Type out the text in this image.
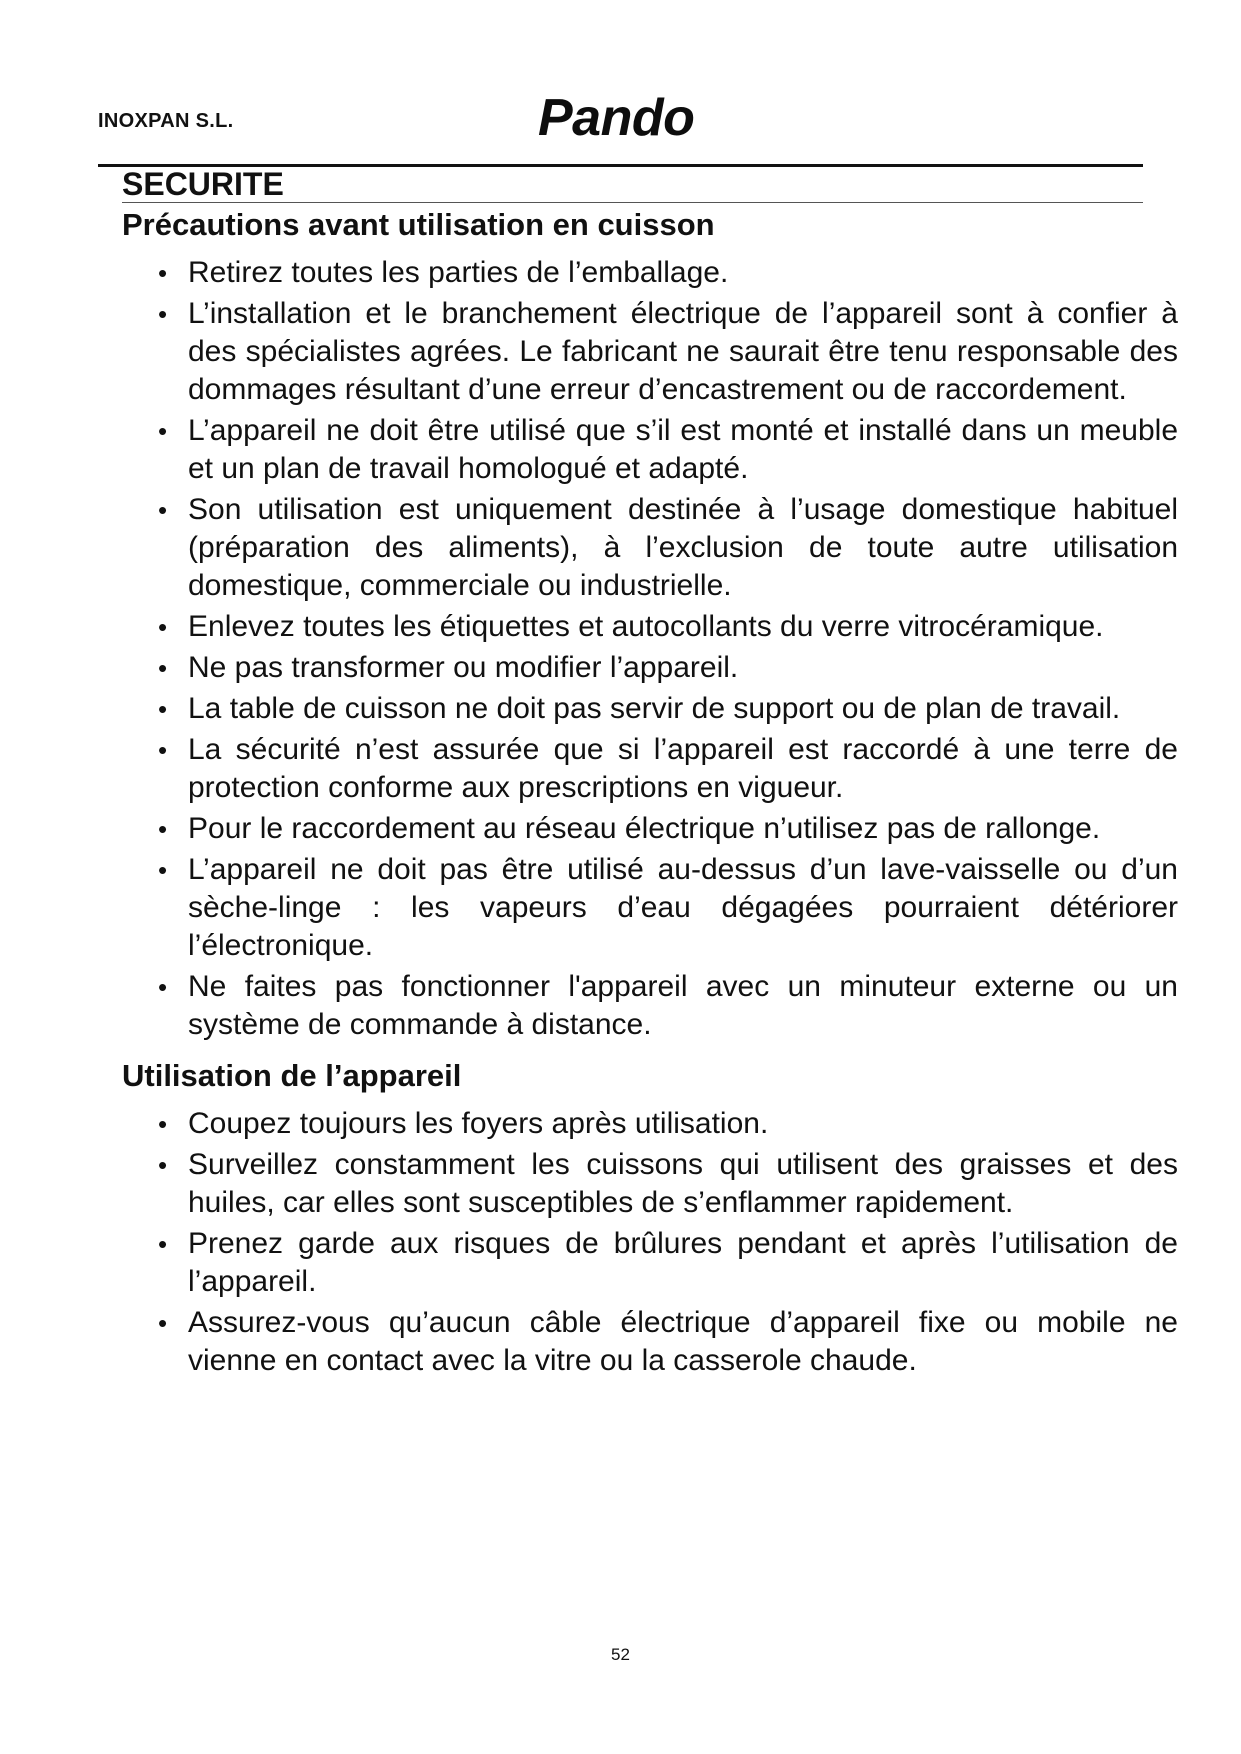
INOXPAN S.L.	Pando
SECURITE
Précautions avant utilisation en cuisson
• Retirez toutes les parties de l’emballage.
• L’installation et le branchement électrique de l’appareil sont à confier à des spécialistes agrées. Le fabricant ne saurait être tenu responsable des dommages résultant d’une erreur d’encastrement ou de raccordement.
• L’appareil ne doit être utilisé que s’il est monté et installé dans un meuble et un plan de travail homologué et adapté.
• Son utilisation est uniquement destinée à l’usage domestique habituel (préparation des aliments), à l’exclusion de toute autre utilisation domestique, commerciale ou industrielle.
• Enlevez toutes les étiquettes et autocollants du verre vitrocéramique.
• Ne pas transformer ou modifier l’appareil.
• La table de cuisson ne doit pas servir de support ou de plan de travail.
• La sécurité n’est assurée que si l’appareil est raccordé à une terre de protection conforme aux prescriptions en vigueur.
• Pour le raccordement au réseau électrique n’utilisez pas de rallonge.
• L’appareil ne doit pas être utilisé au-dessus d’un lave-vaisselle ou d’un sèche-linge : les vapeurs d’eau dégagées pourraient détériorer l’électronique.
• Ne faites pas fonctionner l'appareil avec un minuteur externe ou un système de commande à distance.
Utilisation de l’appareil
• Coupez toujours les foyers après utilisation.
• Surveillez constamment les cuissons qui utilisent des graisses et des huiles, car elles sont susceptibles de s’enflammer rapidement.
• Prenez garde aux risques de brûlures pendant et après l’utilisation de l’appareil.
• Assurez-vous qu’aucun câble électrique d’appareil fixe ou mobile ne vienne en contact avec la vitre ou la casserole chaude.
52
